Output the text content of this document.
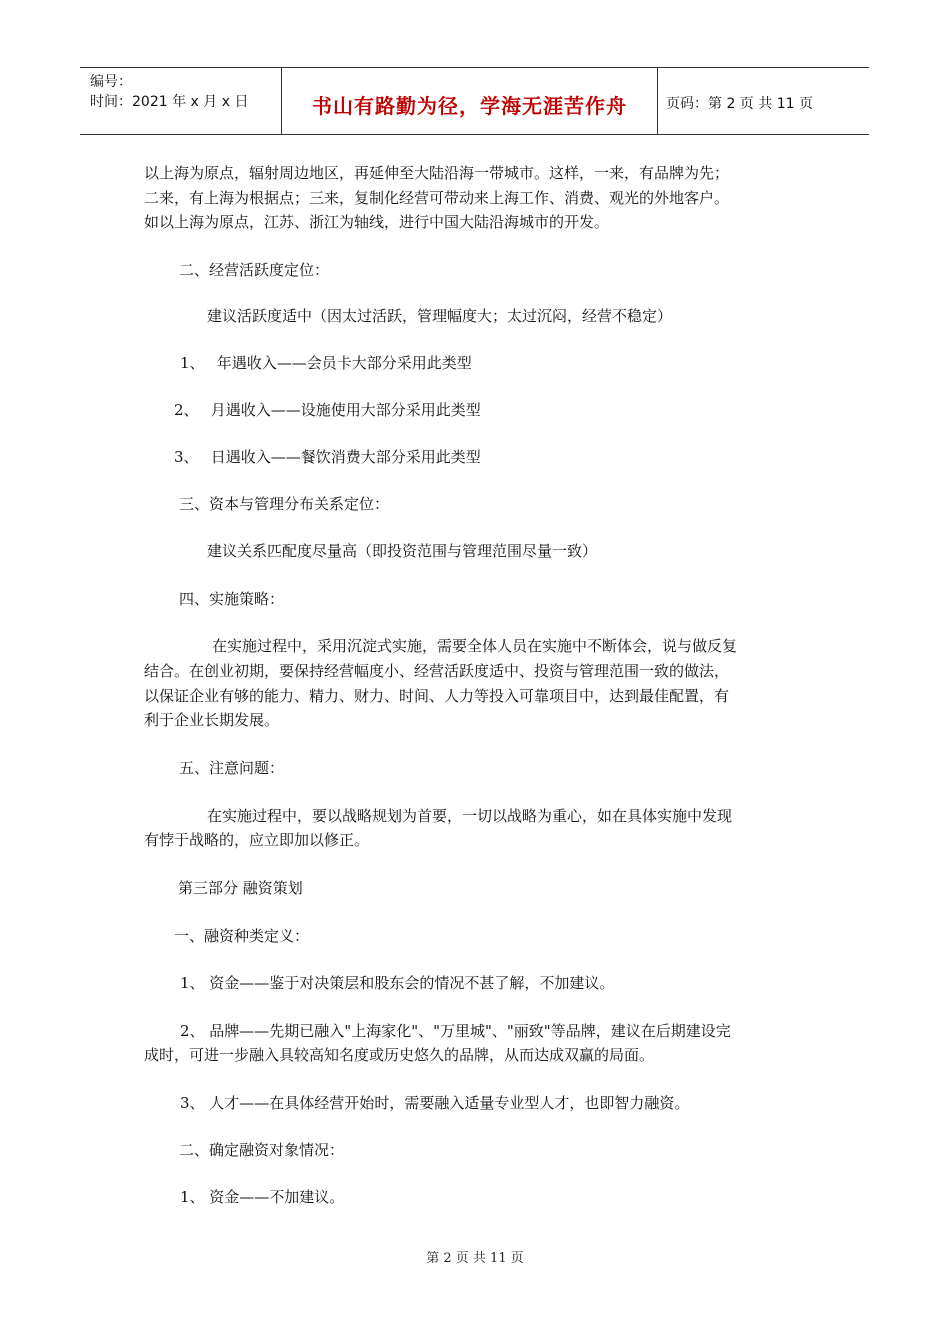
编号：
时间：2021 年 x 月 x 日	书山有路勤为径，学海无涯苦作舟	页码：第 2 页 共 11 页
以上海为原点，辐射周边地区，再延伸至大陆沿海一带城市。这样，一来，有品牌为先；
二来，有上海为根据点；三来，复制化经营可带动来上海工作、消费、观光的外地客户。
如以上海为原点，江苏、浙江为轴线，进行中国大陆沿海城市的开发。
二、经营活跃度定位：
建议活跃度适中（因太过活跃，管理幅度大；太过沉闷，经营不稳定）
1、 年遇收入——会员卡大部分采用此类型
2、 月遇收入——设施使用大部分采用此类型
3、 日遇收入——餐饮消费大部分采用此类型
三、资本与管理分布关系定位：
建议关系匹配度尽量高（即投资范围与管理范围尽量一致）
四、实施策略：
在实施过程中，采用沉淀式实施，需要全体人员在实施中不断体会，说与做反复
结合。在创业初期，要保持经营幅度小、经营活跃度适中、投资与管理范围一致的做法，
以保证企业有够的能力、精力、财力、时间、人力等投入可靠项目中，达到最佳配置，有
利于企业长期发展。
五、注意问题：
在实施过程中，要以战略规划为首要，一切以战略为重心，如在具体实施中发现
有悖于战略的，应立即加以修正。
第三部分 融资策划
一、融资种类定义：
1、 资金——鉴于对决策层和股东会的情况不甚了解，不加建议。
2、 品牌——先期已融入"上海家化"、"万里城"、"丽致"等品牌，建议在后期建设完
成时，可进一步融入具较高知名度或历史悠久的品牌，从而达成双赢的局面。
3、 人才——在具体经营开始时，需要融入适量专业型人才，也即智力融资。
二、确定融资对象情况：
1、 资金——不加建议。
第 2 页 共 11 页
